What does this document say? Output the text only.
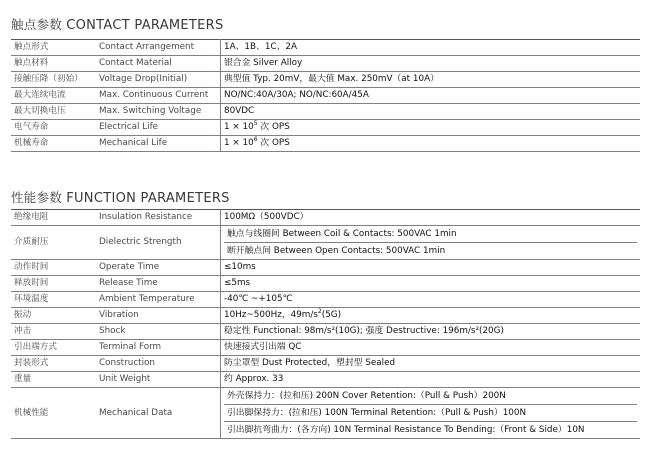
触点参数 CONTACT PARAMETERS
触点形式	Contact Arrangement	1A、1B、1C、2A
触点材料	Contact Material	银合金 Silver Alloy
接触压降（初始）	Voltage Drop(Initial)	典型值 Typ. 20mV，最大值 Max. 250mV（at 10A）
最大连续电流	Max. Continuous Current	NO/NC:40A/30A; NO/NC:60A/45A
最大切换电压	Max. Switching Voltage	80VDC
电气寿命	Electrical Life	$1 \times 10^5$ 次 OPS
机械寿命	Mechanical Life	$1 \times 10^6$ 次 OPS
性能参数 FUNCTION PARAMETERS
绝缘电阻	Insulation Resistance	100MΩ（500VDC）
介质耐压	Dielectric Strength	触点与线圈间 Between Coil & Contacts: 500VAC 1min
断开触点间 Between Open Contacts: 500VAC 1min

动作时间	Operate Time	≤10ms
释放时间	Release Time	≤5ms
环境温度	Ambient Temperature	-40℃ ~+105℃
振动	Vibration	10Hz~500Hz，$49m/s^2(5G)$
冲击	Shock	稳定性 Functional: 98m/s²(10G); 强度 Destructive: 196m/s²(20G)
引出端方式	Terminal Form	快速接式引出端 QC
封装形式	Construction	防尘罩型 Dust Protected，塑封型 Sealed
重量	Unit Weight	约 Approx. 33
机械性能	Mechanical Data	外壳保持力：(拉和压) 200N Cover Retention:（Pull & Push）200N
引出脚保持力：(拉和压) 100N Terminal Retention:（Pull & Push）100N
引出脚抗弯曲力：(各方向) 10N Terminal Resistance To Bending:（Front & Side）10N
